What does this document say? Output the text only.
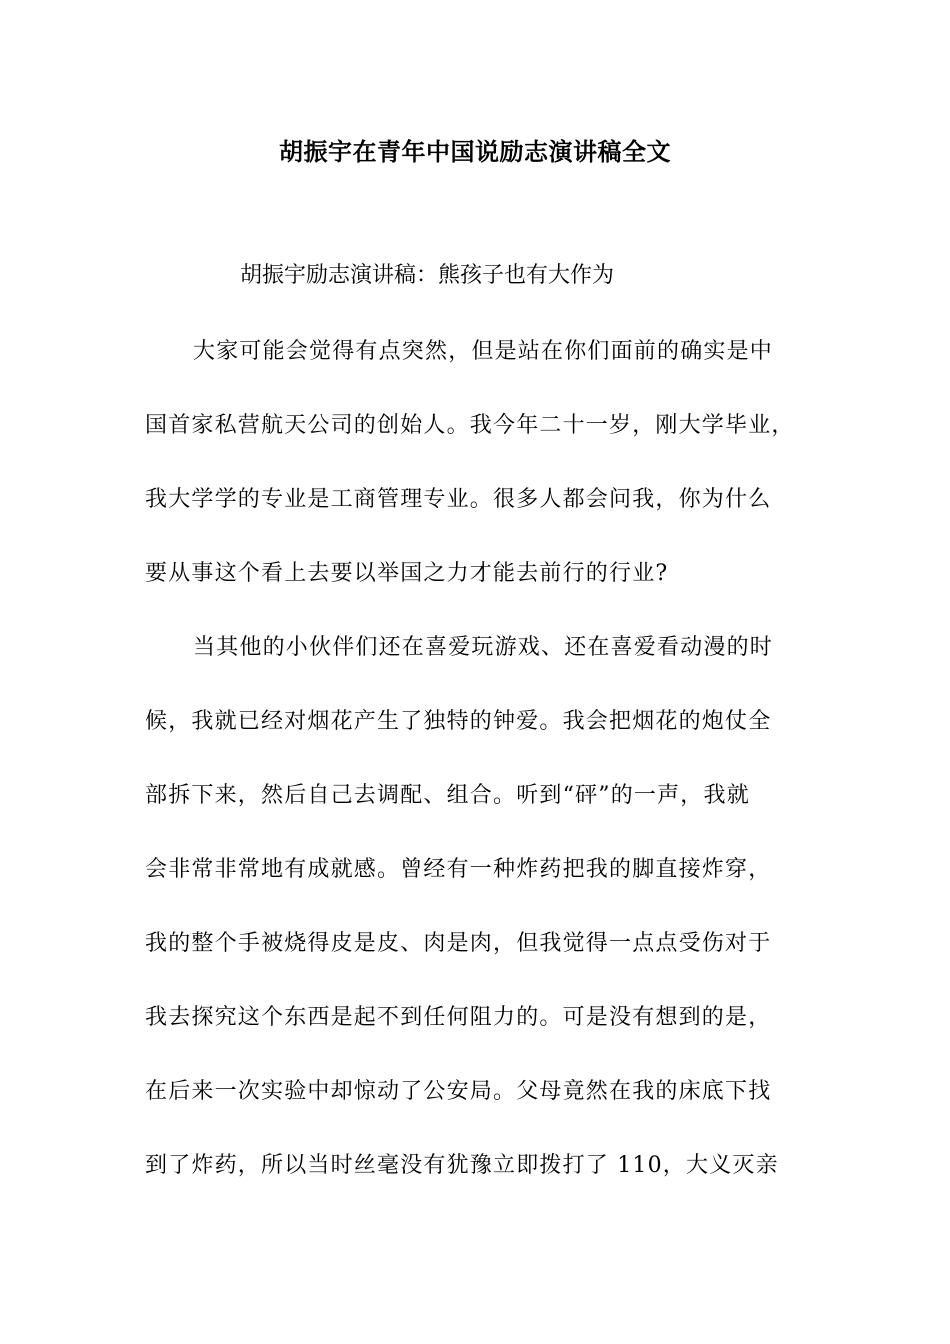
胡振宇在青年中国说励志演讲稿全文
胡振宇励志演讲稿：熊孩子也有大作为
大家可能会觉得有点突然，但是站在你们面前的确实是中
国首家私营航天公司的创始人。我今年二十一岁，刚大学毕业，
我大学学的专业是工商管理专业。很多人都会问我，你为什么
要从事这个看上去要以举国之力才能去前行的行业?
当其他的小伙伴们还在喜爱玩游戏、还在喜爱看动漫的时
候，我就已经对烟花产生了独特的钟爱。我会把烟花的炮仗全
部拆下来，然后自己去调配、组合。听到“砰”的一声，我就
会非常非常地有成就感。曾经有一种炸药把我的脚直接炸穿，
我的整个手被烧得皮是皮、肉是肉，但我觉得一点点受伤对于
我去探究这个东西是起不到任何阻力的。可是没有想到的是，
在后来一次实验中却惊动了公安局。父母竟然在我的床底下找
到了炸药，所以当时丝毫没有犹豫立即拨打了 110，大义灭亲
